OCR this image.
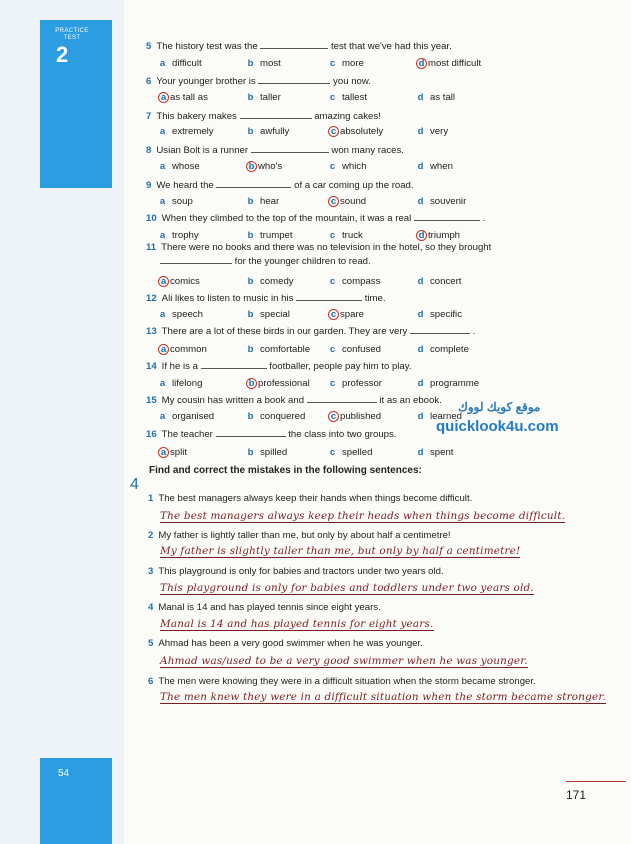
PRACTICE TEST
2	5 The history test was the	test that we've had this year.
a difficult	b most	c more	d most difficult
6 Your younger brother is	you now.
a as tall as	b taller	c tallest	d as tall
7 This bakery makes	amazing cakes!
a extremely	b awfully	c absolutely	d very
8 Usian Bolt is a runner	won many races.
a whose	b who's	c which	d when
9 We heard the	of a car coming up the road.
a soup	b hear	c sound	d souvenir
10 When they climbed to the top of the mountain, it was a real	.
a trophy	b trumpet	c truck	d triumph
11 There were no books and there was no television in the hotel, so they brought
for the younger children to read.
a comics	b comedy	c compass	d concert
12 Ali likes to listen to music in his	time.
a speech	b special	c spare	d specific
13 There are a lot of these birds in our garden. They are very	.
a common	b comfortable c confused	d complete
14 If he is a	footballer, people pay him to play.
a lifelong	b professional c professor	d programme
15 My cousin has written a book and	it as an ebook.
a organised	b conquered	c published	d learned
16 The teacher	the class into two groups.
a split	b spilled	c spelled	d spent
4
Find and correct the mistakes in the following sentences:
1 The best managers always keep their hands when things become difficult.
The best managers always keep their heads when things become difficult.
2 My father is lightly taller than me, but only by about half a centimetre!
My father is slightly taller than me, but only by half a centimetre!
3 This playground is only for babies and tractors under two years old.
This playground is only for babies and toddlers under two years old.
4 Manal is 14 and has played tennis since eight years.
Manal is 14 and has played tennis for eight years.
5 Ahmad has been a very good swimmer when he was younger.
Ahmad was/used to be a very good swimmer when he was younger.
6 The men were knowing they were in a difficult situation when the storm became stronger.
The men knew they were in a difficult situation when the storm became stronger.
موقع كويك لووك
quicklook4u.com
54
171
